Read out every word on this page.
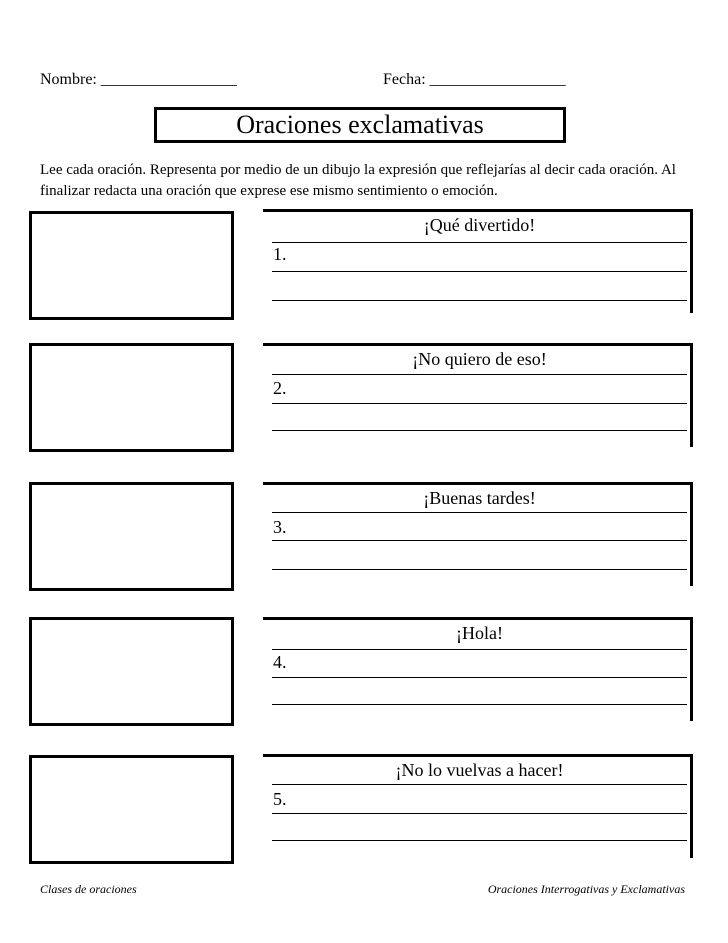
Nombre: _________________	Fecha: _________________
Oraciones exclamativas
Lee cada oración. Representa por medio de un dibujo la expresión que reflejarías al decir cada oración. Al finalizar redacta una oración que exprese ese mismo sentimiento o emoción.
¡Qué divertido!
1.
¡No quiero de eso!
2.
¡Buenas tardes!
3.
¡Hola!
4.
¡No lo vuelvas a hacer!
5.
Clases de oraciones	Oraciones Interrogativas y Exclamativas
